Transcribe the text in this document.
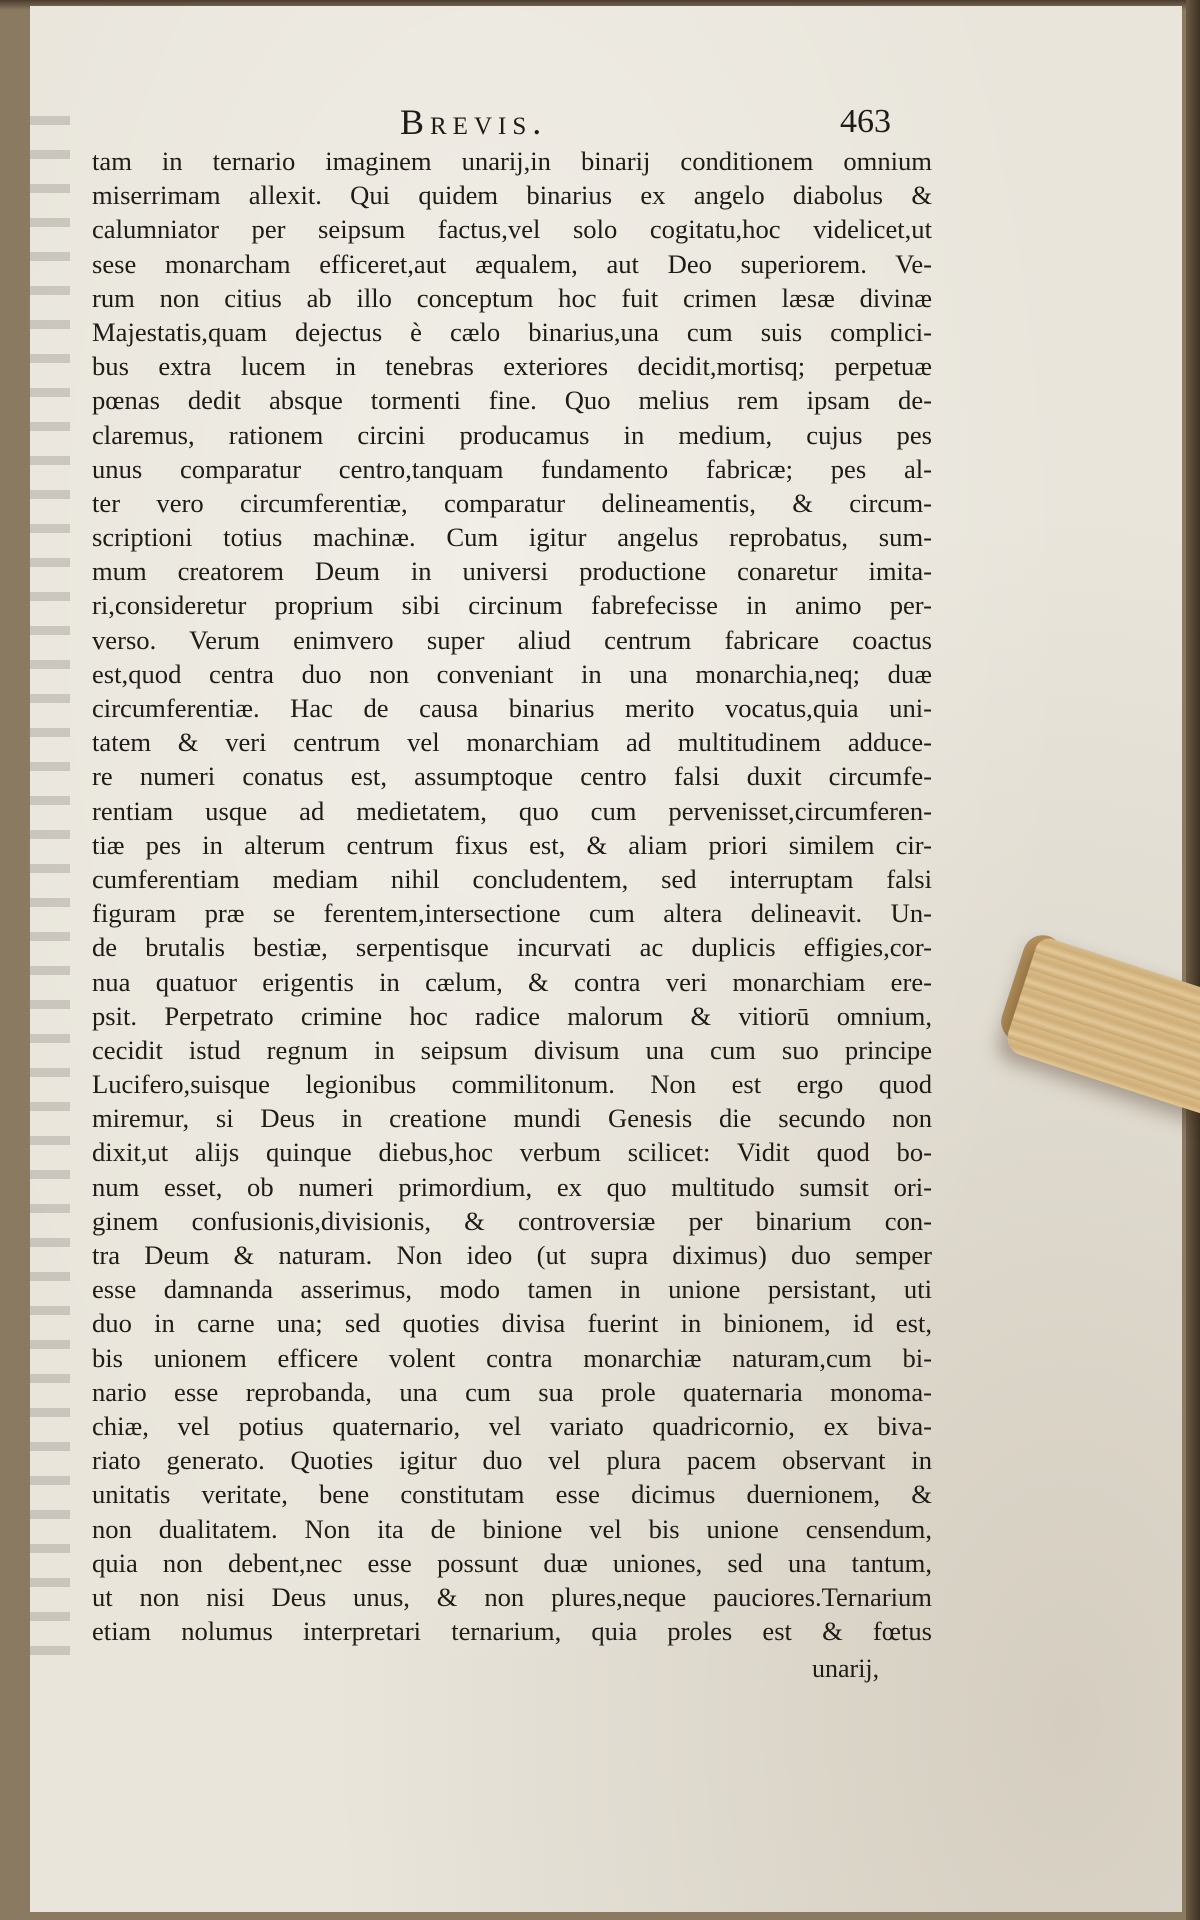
Brevis.	463
tam in ternario imaginem unarij,in binarij conditionem omnium
miserrimam allexit. Qui quidem binarius ex angelo diabolus &
calumniator per seipsum factus,vel solo cogitatu,hoc videlicet,ut
sese monarcham efficeret,aut æqualem, aut Deo superiorem. Ve-
rum non citius ab illo conceptum hoc fuit crimen læsæ divinæ
Majestatis,quam dejectus è cælo binarius,una cum suis complici-
bus extra lucem in tenebras exteriores decidit,mortisq; perpetuæ
pœnas dedit absque tormenti fine. Quo melius rem ipsam de-
claremus, rationem circini producamus in medium, cujus pes
unus comparatur centro,tanquam fundamento fabricæ; pes al-
ter vero circumferentiæ, comparatur delineamentis, & circum-
scriptioni totius machinæ. Cum igitur angelus reprobatus, sum-
mum creatorem Deum in universi productione conaretur imita-
ri,consideretur proprium sibi circinum fabrefecisse in animo per-
verso. Verum enimvero super aliud centrum fabricare coactus
est,quod centra duo non conveniant in una monarchia,neq; duæ
circumferentiæ. Hac de causa binarius merito vocatus,quia uni-
tatem & veri centrum vel monarchiam ad multitudinem adduce-
re numeri conatus est, assumptoque centro falsi duxit circumfe-
rentiam usque ad medietatem, quo cum pervenisset,circumferen-
tiæ pes in alterum centrum fixus est, & aliam priori similem cir-
cumferentiam mediam nihil concludentem, sed interruptam falsi
figuram præ se ferentem,intersectione cum altera delineavit. Un-
de brutalis bestiæ, serpentisque incurvati ac duplicis effigies,cor-
nua quatuor erigentis in cælum, & contra veri monarchiam ere-
psit. Perpetrato crimine hoc radice malorum & vitiorū omnium,
cecidit istud regnum in seipsum divisum una cum suo principe
Lucifero,suisque legionibus commilitonum. Non est ergo quod
miremur, si Deus in creatione mundi Genesis die secundo non
dixit,ut alijs quinque diebus,hoc verbum scilicet: Vidit quod bo-
num esset, ob numeri primordium, ex quo multitudo sumsit ori-
ginem confusionis,divisionis, & controversiæ per binarium con-
tra Deum & naturam. Non ideo (ut supra diximus) duo semper
esse damnanda asserimus, modo tamen in unione persistant, uti
duo in carne una; sed quoties divisa fuerint in binionem, id est,
bis unionem efficere volent contra monarchiæ naturam,cum bi-
nario esse reprobanda, una cum sua prole quaternaria monoma-
chiæ, vel potius quaternario, vel variato quadricornio, ex biva-
riato generato. Quoties igitur duo vel plura pacem observant in
unitatis veritate, bene constitutam esse dicimus duernionem, &
non dualitatem. Non ita de binione vel bis unione censendum,
quia non debent,nec esse possunt duæ uniones, sed una tantum,
ut non nisi Deus unus, & non plures,neque pauciores.Ternarium
etiam nolumus interpretari ternarium, quia proles est & fœtus
unarij,
